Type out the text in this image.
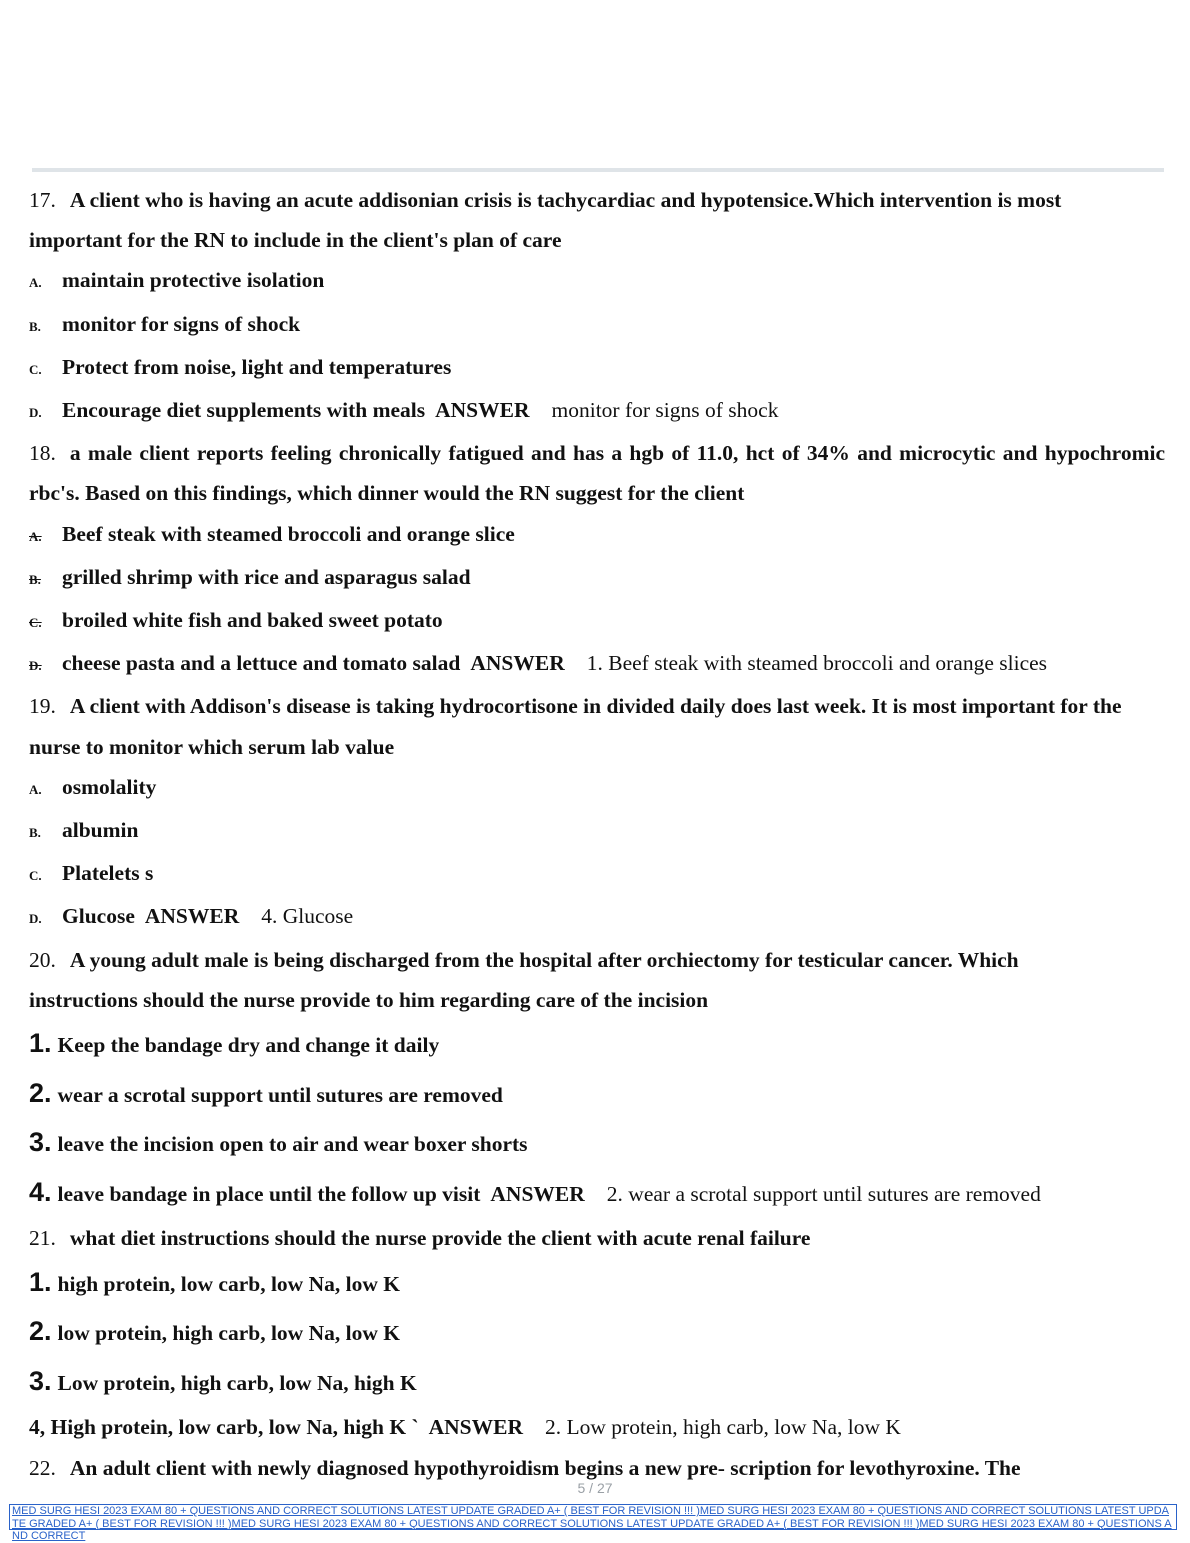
17. A client who is having an acute addisonian crisis is tachycardiac and hypotensice.Which intervention is most
important for the RN to include in the client's plan of care
A. maintain protective isolation
B. monitor for signs of shock
C. Protect from noise, light and temperatures
D. Encourage diet supplements with meals ANSWER monitor for signs of shock
18. a male client reports feeling chronically fatigued and has a hgb of 11.0, hct of 34% and microcytic and hypochromic rbc's. Based on this findings, which dinner would the RN suggest for the client
A. Beef steak with steamed broccoli and orange slice
B. grilled shrimp with rice and asparagus salad
C. broiled white fish and baked sweet potato
D. cheese pasta and a lettuce and tomato salad ANSWER 1. Beef steak with steamed broccoli and orange slices
19. A client with Addison's disease is taking hydrocortisone in divided daily does last week. It is most important for the nurse to monitor which serum lab value
A. osmolality
B. albumin
C. Platelets s
D. Glucose ANSWER 4. Glucose
20. A young adult male is being discharged from the hospital after orchiectomy for testicular cancer. Which
instructions should the nurse provide to him regarding care of the incision
1. Keep the bandage dry and change it daily
2. wear a scrotal support until sutures are removed
3. leave the incision open to air and wear boxer shorts
4. leave bandage in place until the follow up visit ANSWER 2. wear a scrotal support until sutures are removed
21. what diet instructions should the nurse provide the client with acute renal failure
1. high protein, low carb, low Na, low K
2. low protein, high carb, low Na, low K
3. Low protein, high carb, low Na, high K
4, High protein, low carb, low Na, high K ` ANSWER 2. Low protein, high carb, low Na, low K
22. An adult client with newly diagnosed hypothyroidism begins a new pre- scription for levothyroxine. The
5 / 27
MED SURG HESI 2023 EXAM 80 + QUESTIONS AND CORRECT SOLUTIONS LATEST UPDATE GRADED A+ ( BEST FOR REVISION !!! )MED SURG HESI 2023 EXAM 80 + QUESTIONS AND CORRECT SOLUTIONS LATEST UPDATE GRADED A+ ( BEST FOR REVISION !!! )MED SURG HESI 2023 EXAM 80 + QUESTIONS AND CORRECT SOLUTIONS LATEST UPDATE GRADED A+ ( BEST FOR REVISION !!! )MED SURG HESI 2023 EXAM 80 + QUESTIONS AND CORRECT
